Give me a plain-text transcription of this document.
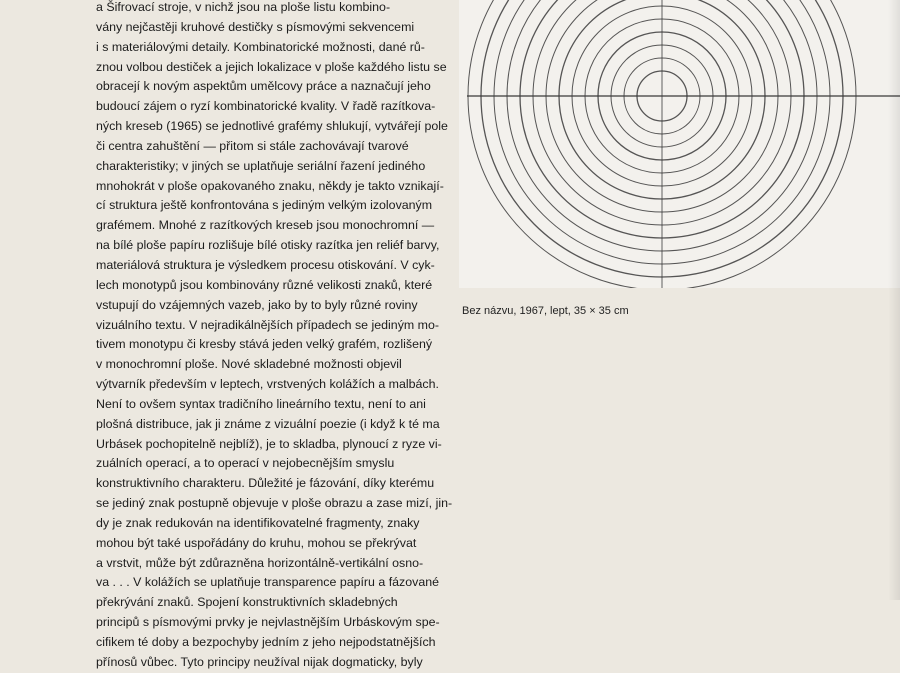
a Šifrovací stroje, v nichž jsou na ploše listu kombino-
vány nejčastěji kruhové destičky s písmovými sekvencemi
i s materiálovými detaily. Kombinatorické možnosti, dané rů-
znou volbou destiček a jejich lokalizace v ploše každého listu se
obracejí k novým aspektům umělcovy práce a naznačují jeho
budoucí zájem o ryzí kombinatorické kvality. V řadě razítkova-
ných kreseb (1965) se jednotlivé grafémy shlukují, vytvářejí pole
či centra zahuštění — přitom si stále zachovávají tvarové
charakteristiky; v jiných se uplatňuje seriální řazení jediného
mnohokrát v ploše opakovaného znaku, někdy je takto vznikají-
cí struktura ještě konfrontována s jediným velkým izolovaným
grafémem. Mnohé z razítkových kreseb jsou monochromní —
na bílé ploše papíru rozlišuje bílé otisky razítka jen reliéf barvy,
materiálová struktura je výsledkem procesu otiskování. V cyk-
lech monotypů jsou kombinovány různé velikosti znaků, které
vstupují do vzájemných vazeb, jako by to byly různé roviny
vizuálního textu. V nejradikálnějších případech se jediným mo-
tivem monotypu či kresby stává jeden velký grafém, rozlišený
v monochromní ploše. Nové skladebné možnosti objevil
výtvarník především v leptech, vrstvených kolážích a malbách.
Není to ovšem syntax tradičního lineárního textu, není to ani
plošná distribuce, jak ji známe z vizuální poezie (i když k té ma
Urbásek pochopitelně nejblíž), je to skladba, plynoucí z ryze vi-
zuálních operací, a to operací v nejobecnějším smyslu
konstruktivního charakteru. Důležité je fázování, díky kterému
se jediný znak postupně objevuje v ploše obrazu a zase mizí, jin-
dy je znak redukován na identifikovatelné fragmenty, znaky
mohou být také uspořádány do kruhu, mohou se překrývat
a vrstvit, může být zdůrazněna horizontálně-vertikální osno-
va . . . V kolážích se uplatňuje transparence papíru a fázované
překrývání znaků. Spojení konstruktivních skladebných
principů s písmovými prvky je nejvlastnějším Urbáskovým spe-
cifikem té doby a bezpochyby jedním z jeho nejpodstatnějších
přínosů vůbec. Tyto principy neužíval nijak dogmaticky, byly
Bez názvu, 1967, lept, 35 × 35 cm
